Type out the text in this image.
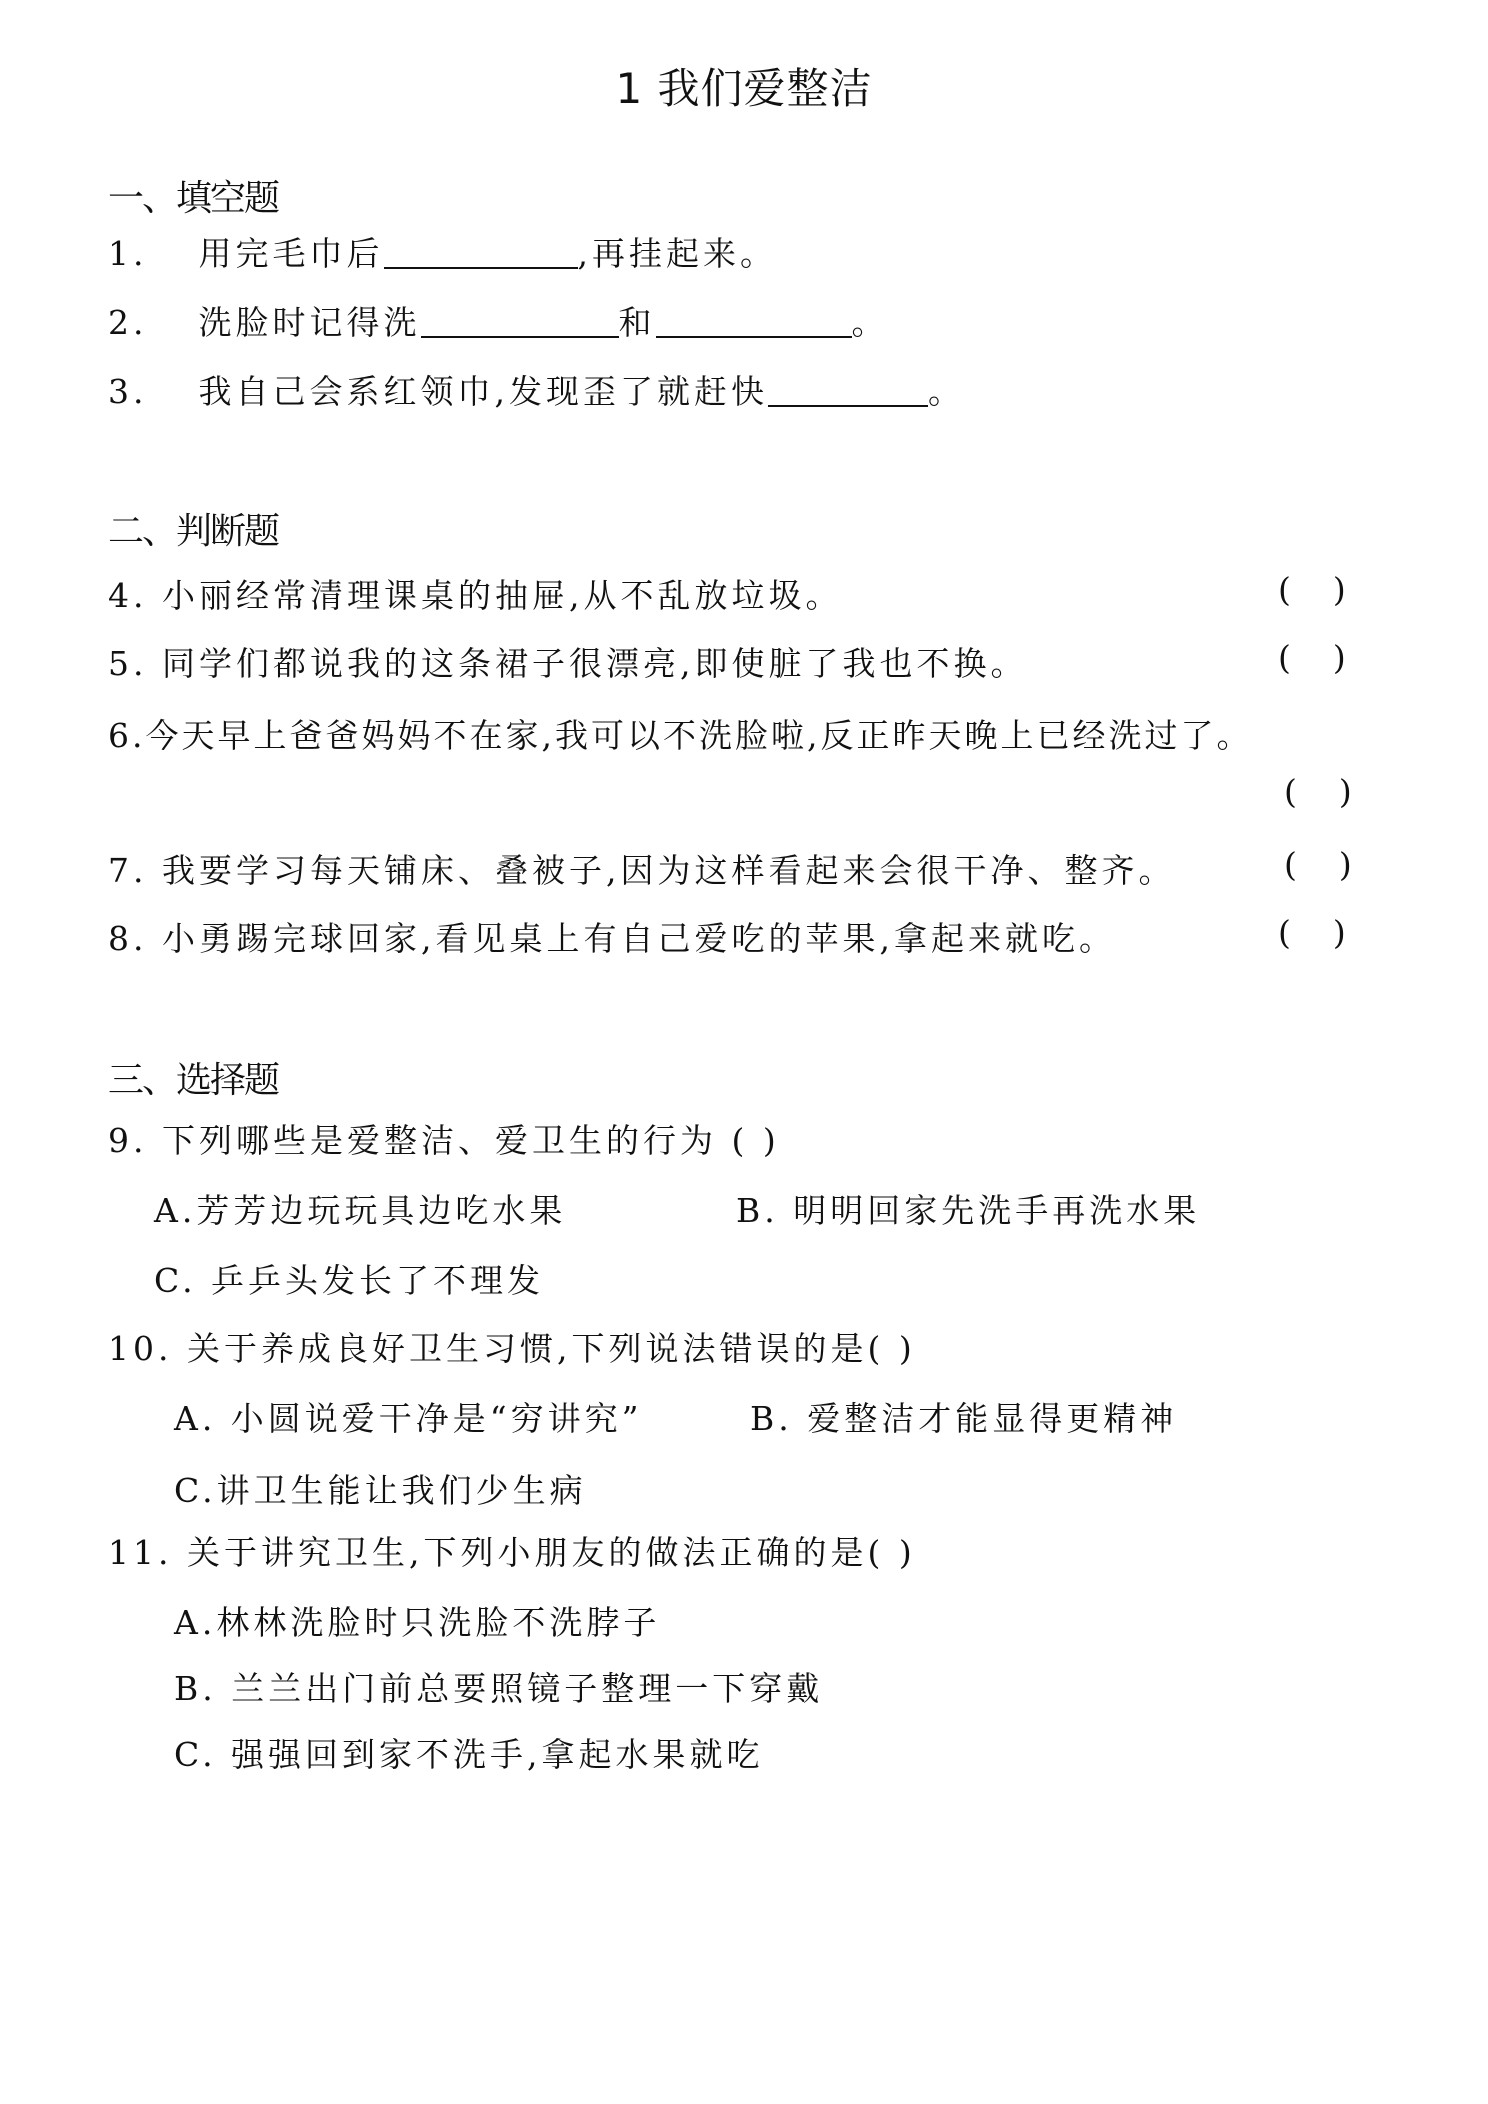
1 我们爱整洁
一、填空题
1. 用完毛巾后	,再挂起来。
2. 洗脸时记得洗	和	。
3. 我自己会系红领巾,发现歪了就赶快	。
二、判断题
4. 小丽经常清理课桌的抽屉,从不乱放垃圾。	(    )
5. 同学们都说我的这条裙子很漂亮,即使脏了我也不换。	(    )
6.今天早上爸爸妈妈不在家,我可以不洗脸啦,反正昨天晚上已经洗过了。
(    )
7. 我要学习每天铺床、叠被子,因为这样看起来会很干净、整齐。	(    )
8. 小勇踢完球回家,看见桌上有自己爱吃的苹果,拿起来就吃。	(    )
三、选择题
9. 下列哪些是爱整洁、爱卫生的行为 ( )
A.芳芳边玩玩具边吃水果	B. 明明回家先洗手再洗水果
C. 乒乒头发长了不理发
10. 关于养成良好卫生习惯,下列说法错误的是( )
A. 小圆说爱干净是“穷讲究”	B. 爱整洁才能显得更精神
C.讲卫生能让我们少生病
11. 关于讲究卫生,下列小朋友的做法正确的是( )
A.林林洗脸时只洗脸不洗脖子
B. 兰兰出门前总要照镜子整理一下穿戴
C. 强强回到家不洗手,拿起水果就吃
